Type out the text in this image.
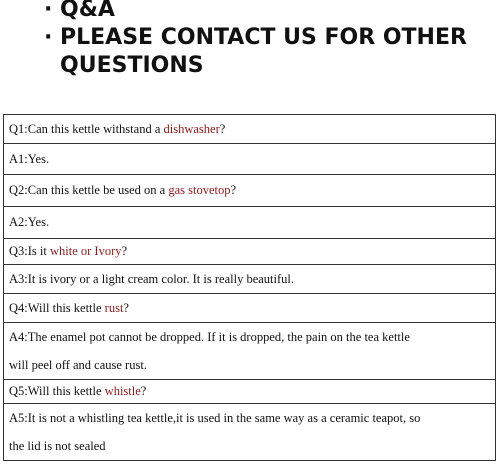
· Q&A
· PLEASE CONTACT US FOR OTHER
QUESTIONS
Q1:Can this kettle withstand a dishwasher?
A1:Yes.
Q2:Can this kettle be used on a gas stovetop?
A2:Yes.
Q3:Is it white or Ivory?
A3:It is ivory or a light cream color. It is really beautiful.
Q4:Will this kettle rust?

A4:The enamel pot cannot be dropped. If it is dropped, the pain on the tea kettle
will peel off and cause rust.

Q5:Will this kettle whistle?

A5:It is not a whistling tea kettle,it is used in the same way as a ceramic teapot, so
the lid is not sealed
